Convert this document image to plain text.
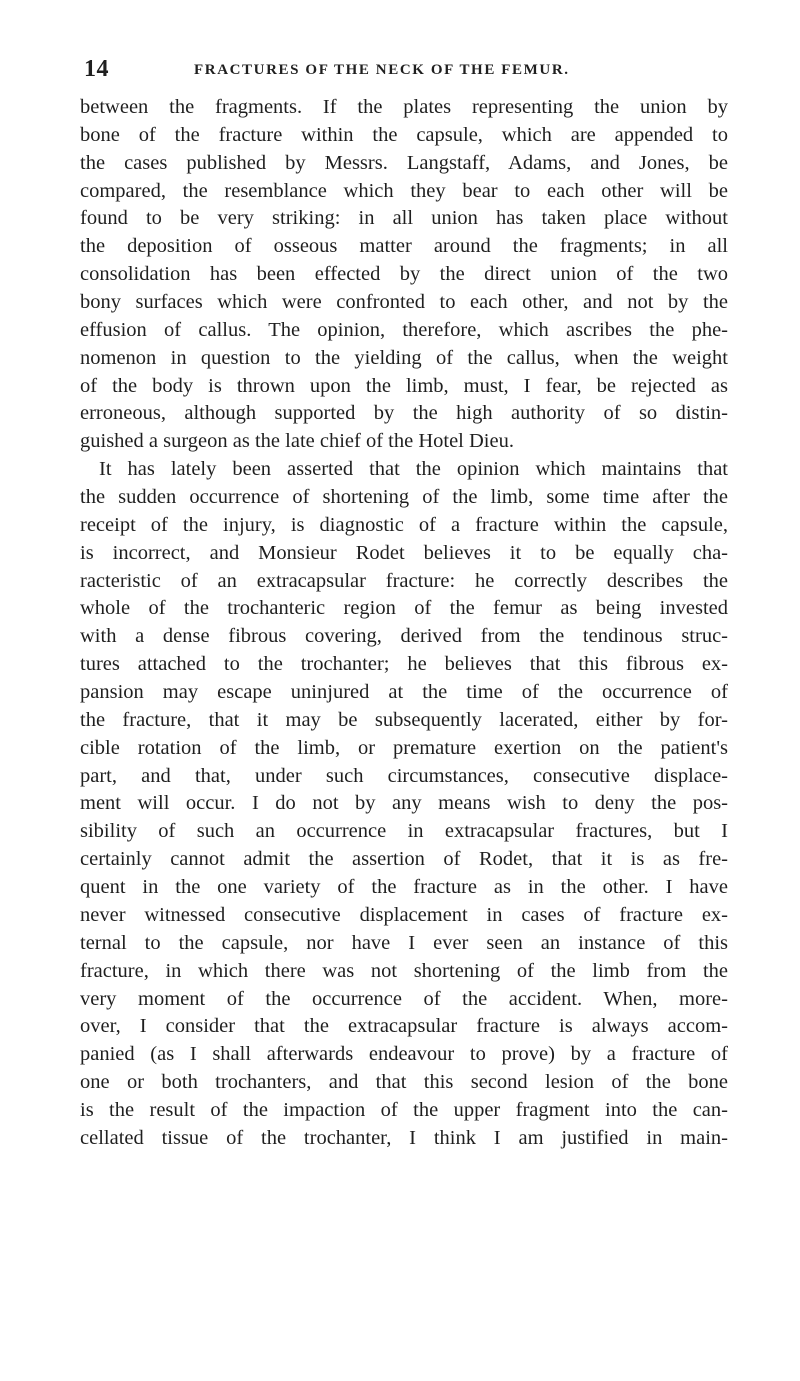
14	FRACTURES OF THE NECK OF THE FEMUR.
between the fragments. If the plates representing the union by
bone of the fracture within the capsule, which are appended to
the cases published by Messrs. Langstaff, Adams, and Jones, be
compared, the resemblance which they bear to each other will be
found to be very striking: in all union has taken place without
the deposition of osseous matter around the fragments; in all
consolidation has been effected by the direct union of the two
bony surfaces which were confronted to each other, and not by the
effusion of callus. The opinion, therefore, which ascribes the phe-
nomenon in question to the yielding of the callus, when the weight
of the body is thrown upon the limb, must, I fear, be rejected as
erroneous, although supported by the high authority of so distin-
guished a surgeon as the late chief of the Hotel Dieu.
It has lately been asserted that the opinion which maintains that
the sudden occurrence of shortening of the limb, some time after the
receipt of the injury, is diagnostic of a fracture within the capsule,
is incorrect, and Monsieur Rodet believes it to be equally cha-
racteristic of an extracapsular fracture: he correctly describes the
whole of the trochanteric region of the femur as being invested
with a dense fibrous covering, derived from the tendinous struc-
tures attached to the trochanter; he believes that this fibrous ex-
pansion may escape uninjured at the time of the occurrence of
the fracture, that it may be subsequently lacerated, either by for-
cible rotation of the limb, or premature exertion on the patient's
part, and that, under such circumstances, consecutive displace-
ment will occur. I do not by any means wish to deny the pos-
sibility of such an occurrence in extracapsular fractures, but I
certainly cannot admit the assertion of Rodet, that it is as fre-
quent in the one variety of the fracture as in the other. I have
never witnessed consecutive displacement in cases of fracture ex-
ternal to the capsule, nor have I ever seen an instance of this
fracture, in which there was not shortening of the limb from the
very moment of the occurrence of the accident. When, more-
over, I consider that the extracapsular fracture is always accom-
panied (as I shall afterwards endeavour to prove) by a fracture of
one or both trochanters, and that this second lesion of the bone
is the result of the impaction of the upper fragment into the can-
cellated tissue of the trochanter, I think I am justified in main-
